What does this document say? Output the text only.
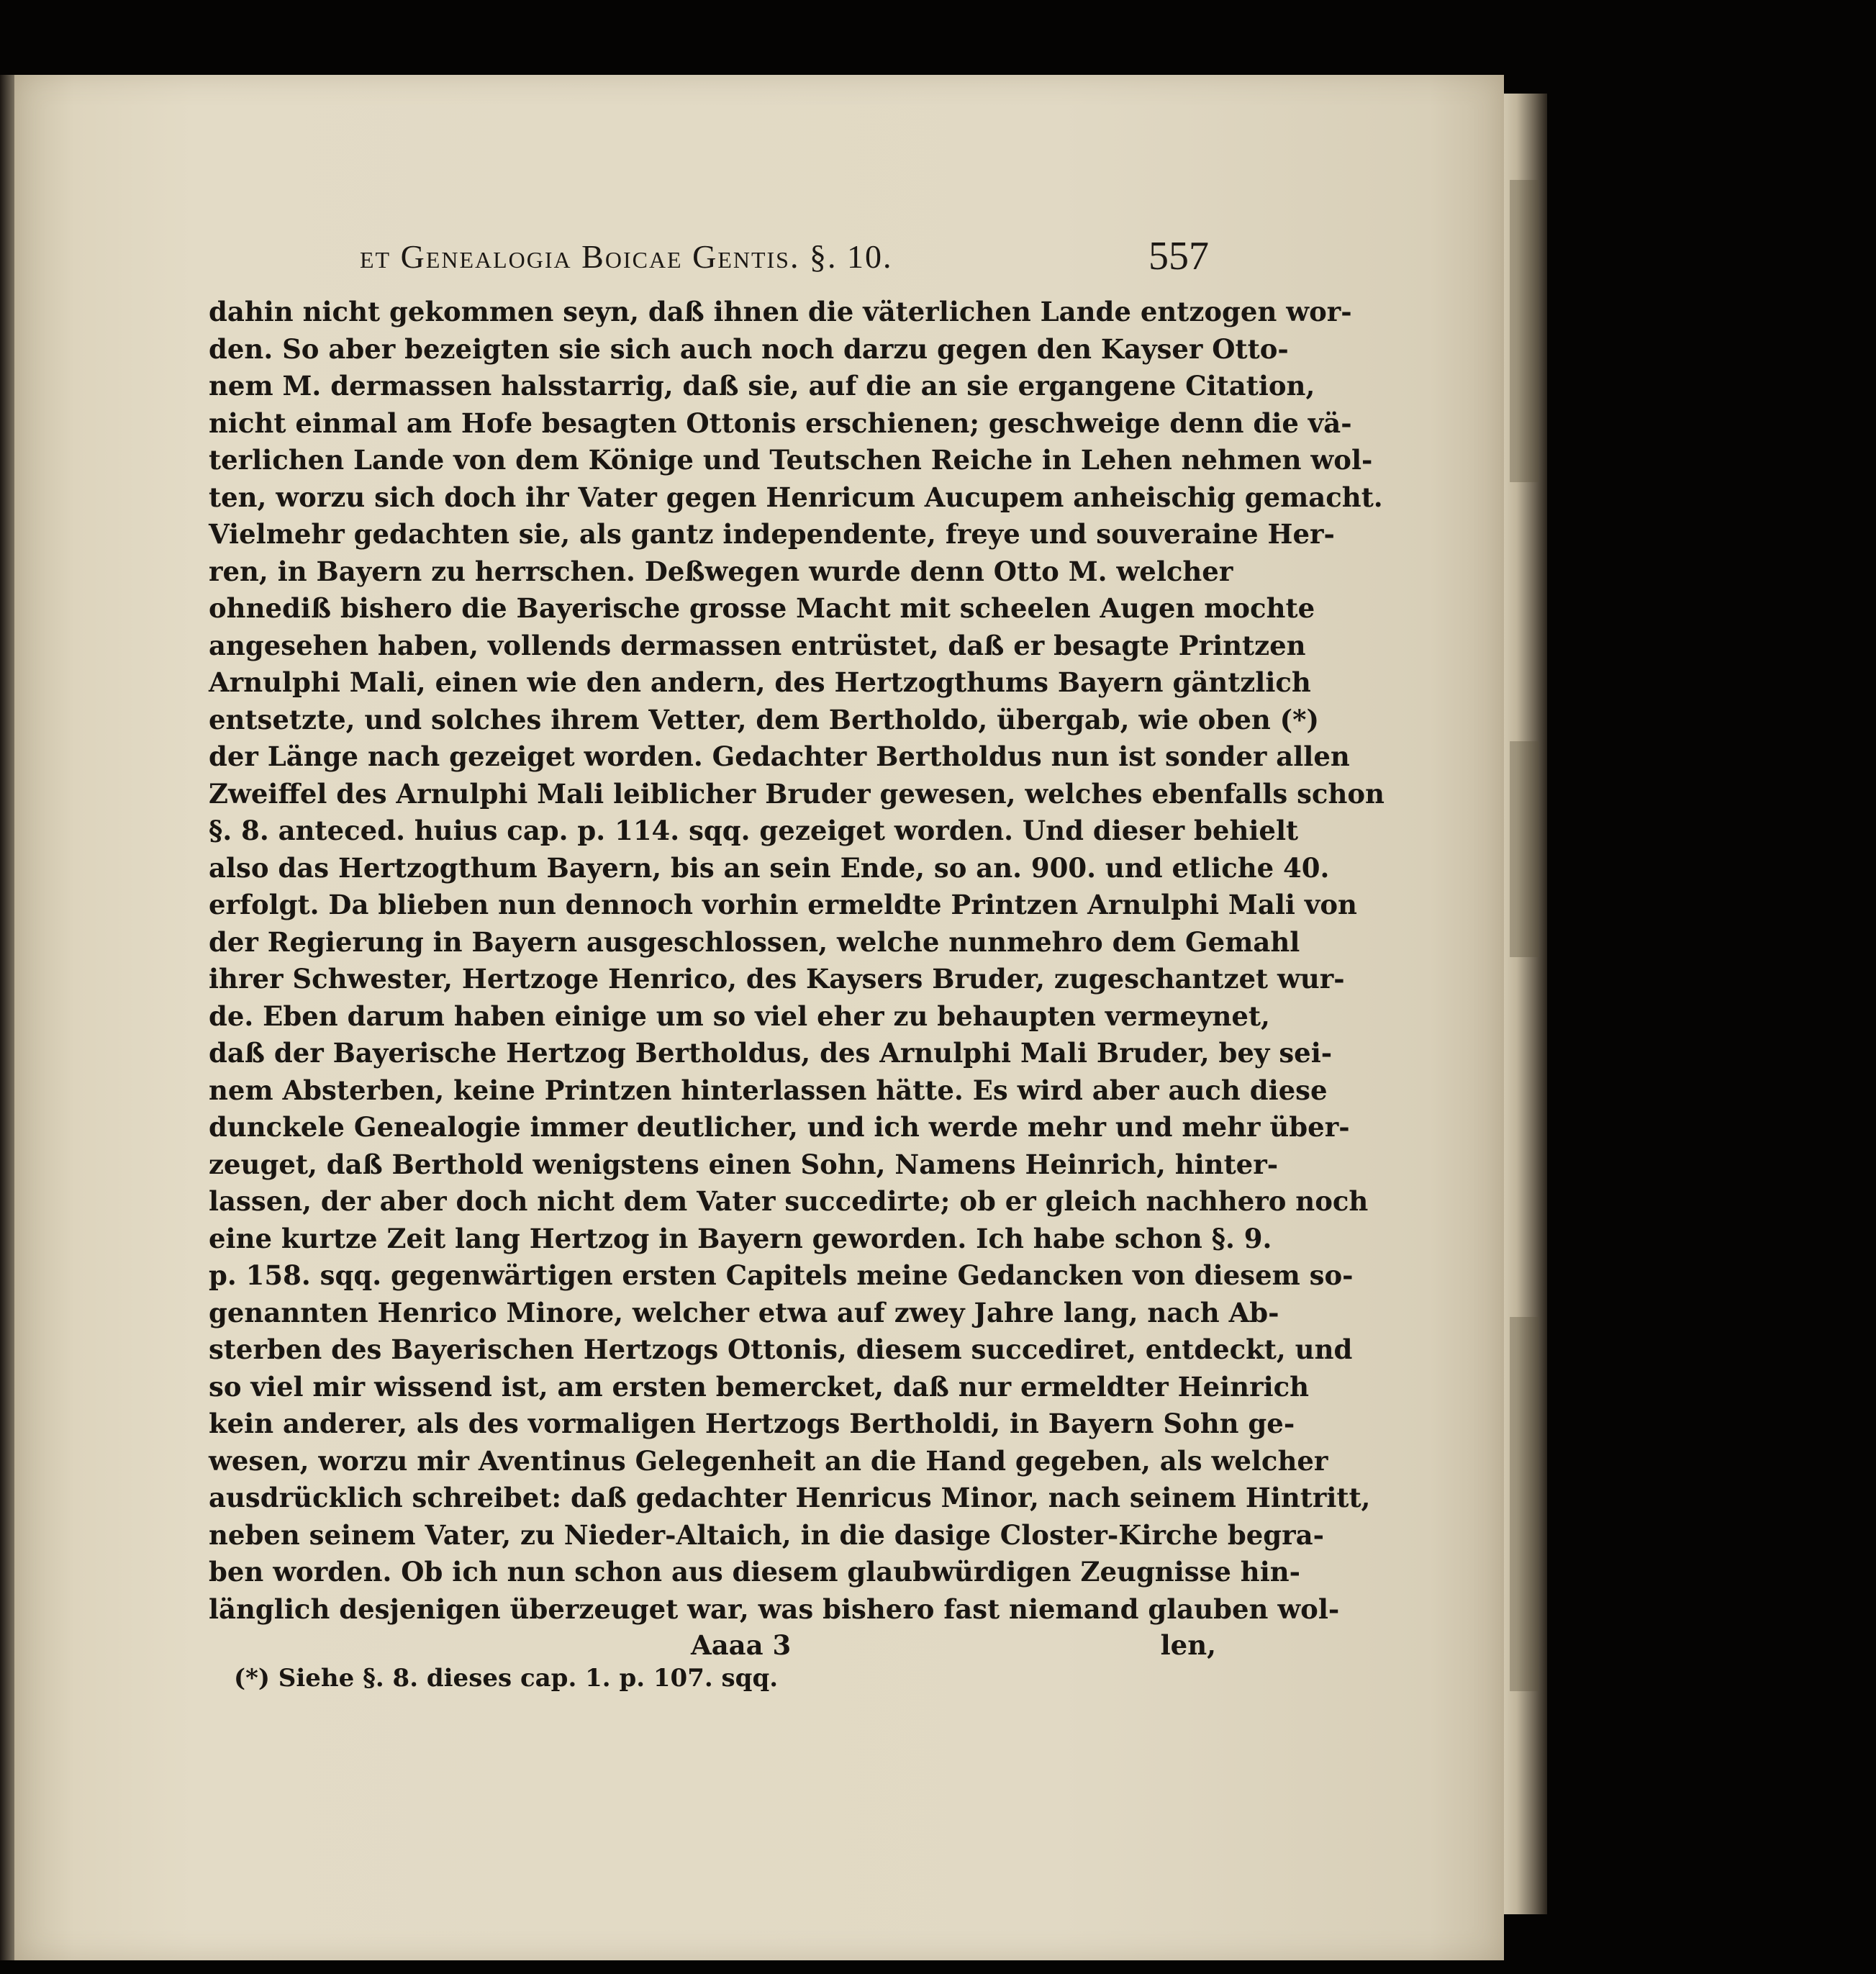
et Genealogia Boicae Gentis. §. 10.	557
dahin nicht gekommen seyn, daß ihnen die väterlichen Lande entzogen wor-
den. So aber bezeigten sie sich auch noch darzu gegen den Kayser Otto-
nem M. dermassen halsstarrig, daß sie, auf die an sie ergangene Citation,
nicht einmal am Hofe besagten Ottonis erschienen; geschweige denn die vä-
terlichen Lande von dem Könige und Teutschen Reiche in Lehen nehmen wol-
ten, worzu sich doch ihr Vater gegen Henricum Aucupem anheischig gemacht.
Vielmehr gedachten sie, als gantz independente, freye und souveraine Her-
ren, in Bayern zu herrschen. Deßwegen wurde denn Otto M. welcher
ohnediß bishero die Bayerische grosse Macht mit scheelen Augen mochte
angesehen haben, vollends dermassen entrüstet, daß er besagte Printzen
Arnulphi Mali, einen wie den andern, des Hertzogthums Bayern gäntzlich
entsetzte, und solches ihrem Vetter, dem Bertholdo, übergab, wie oben (*)
der Länge nach gezeiget worden. Gedachter Bertholdus nun ist sonder allen
Zweiffel des Arnulphi Mali leiblicher Bruder gewesen, welches ebenfalls schon
§. 8. anteced. huius cap. p. 114. sqq. gezeiget worden. Und dieser behielt
also das Hertzogthum Bayern, bis an sein Ende, so an. 900. und etliche 40.
erfolgt. Da blieben nun dennoch vorhin ermeldte Printzen Arnulphi Mali von
der Regierung in Bayern ausgeschlossen, welche nunmehro dem Gemahl
ihrer Schwester, Hertzoge Henrico, des Kaysers Bruder, zugeschantzet wur-
de. Eben darum haben einige um so viel eher zu behaupten vermeynet,
daß der Bayerische Hertzog Bertholdus, des Arnulphi Mali Bruder, bey sei-
nem Absterben, keine Printzen hinterlassen hätte. Es wird aber auch diese
dunckele Genealogie immer deutlicher, und ich werde mehr und mehr über-
zeuget, daß Berthold wenigstens einen Sohn, Namens Heinrich, hinter-
lassen, der aber doch nicht dem Vater succedirte; ob er gleich nachhero noch
eine kurtze Zeit lang Hertzog in Bayern geworden. Ich habe schon §. 9.
p. 158. sqq. gegenwärtigen ersten Capitels meine Gedancken von diesem so-
genannten Henrico Minore, welcher etwa auf zwey Jahre lang, nach Ab-
sterben des Bayerischen Hertzogs Ottonis, diesem succediret, entdeckt, und
so viel mir wissend ist, am ersten bemercket, daß nur ermeldter Heinrich
kein anderer, als des vormaligen Hertzogs Bertholdi, in Bayern Sohn ge-
wesen, worzu mir Aventinus Gelegenheit an die Hand gegeben, als welcher
ausdrücklich schreibet: daß gedachter Henricus Minor, nach seinem Hintritt,
neben seinem Vater, zu Nieder-Altaich, in die dasige Closter-Kirche begra-
ben worden. Ob ich nun schon aus diesem glaubwürdigen Zeugnisse hin-
länglich desjenigen überzeuget war, was bishero fast niemand glauben wol-
Aaaa 3	len,
(*) Siehe §. 8. dieses cap. 1. p. 107. sqq.
